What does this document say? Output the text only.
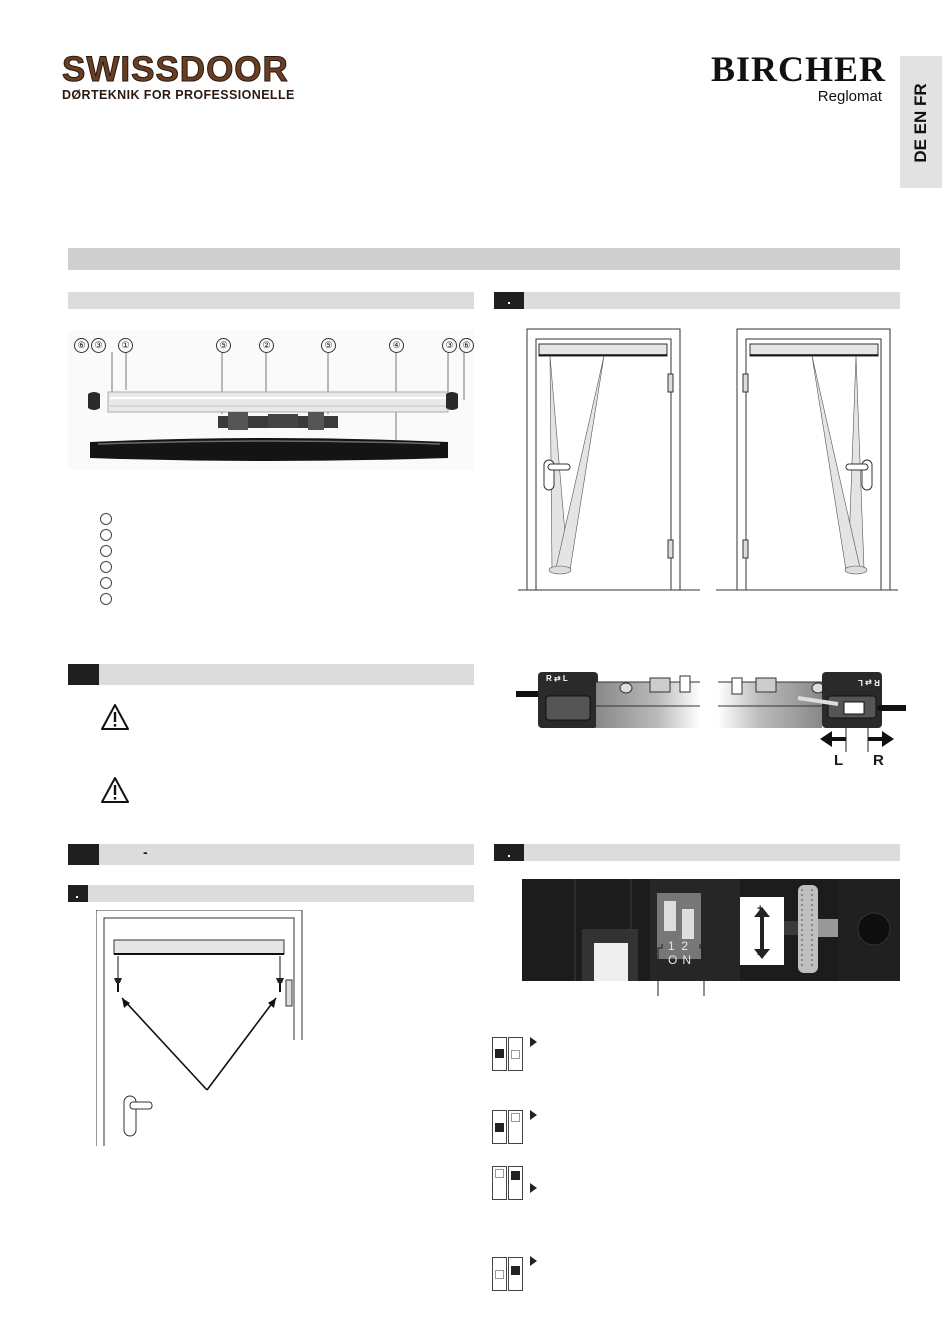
SWISSDOOR
DØRTEKNIK FOR PROFESSIONELLE
BIRCHER
Reglomat DE EN FR
⑥ ③	①	⑤	②	⑤	④	③ ⑥
-
R ⇄ L	R ⇄ L
L R
1  2
ON
+
−
